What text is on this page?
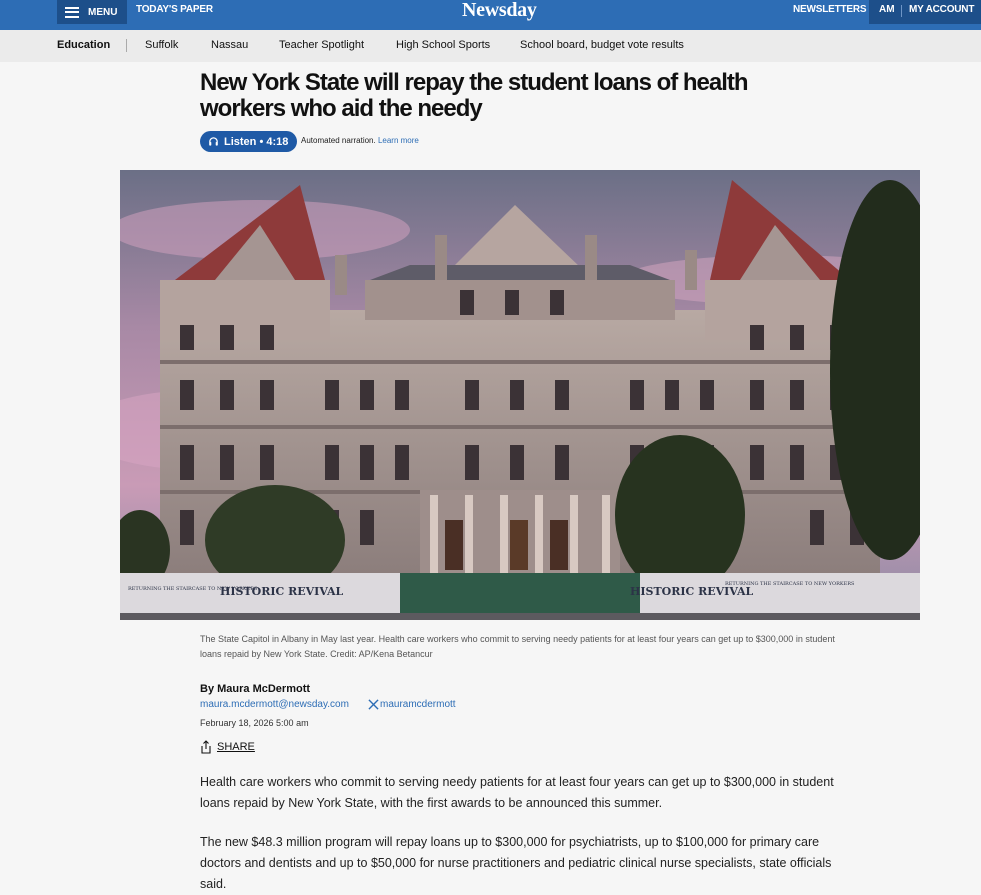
MENU TODAY'S PAPER	Newsday	NEWSLETTERS AM MY ACCOUNT
Education	Suffolk	Nassau	Teacher Spotlight	High School Sports	School board, budget vote results
New York State will repay the student loans of health workers who aid the needy
Listen • 4:18 Automated narration. Learn more
HISTORIC REVIVAL	HISTORIC REVIVAL
RETURNING THE STAIRCASE TO NEW YORKERS
RETURNING THE STAIRCASE TO NEW YORKERS

The State Capitol in Albany in May last year. Health care workers who commit to serving needy patients for at least four years can get up to $300,000 in student loans repaid by New York State. Credit: AP/Kena Betancur

By Maura McDermott
maura.mcdermott@newsday.com	mauramcdermott
February 18, 2026 5:00 am
SHARE

Health care workers who commit to serving needy patients for at least four years can get up to $300,000 in student loans repaid by New York State, with the first awards to be announced this summer.

The new $48.3 million program will repay loans up to $300,000 for psychiatrists, up to $100,000 for primary care doctors and dentists and up to $50,000 for nurse practitioners and pediatric clinical nurse specialists, state officials said.
